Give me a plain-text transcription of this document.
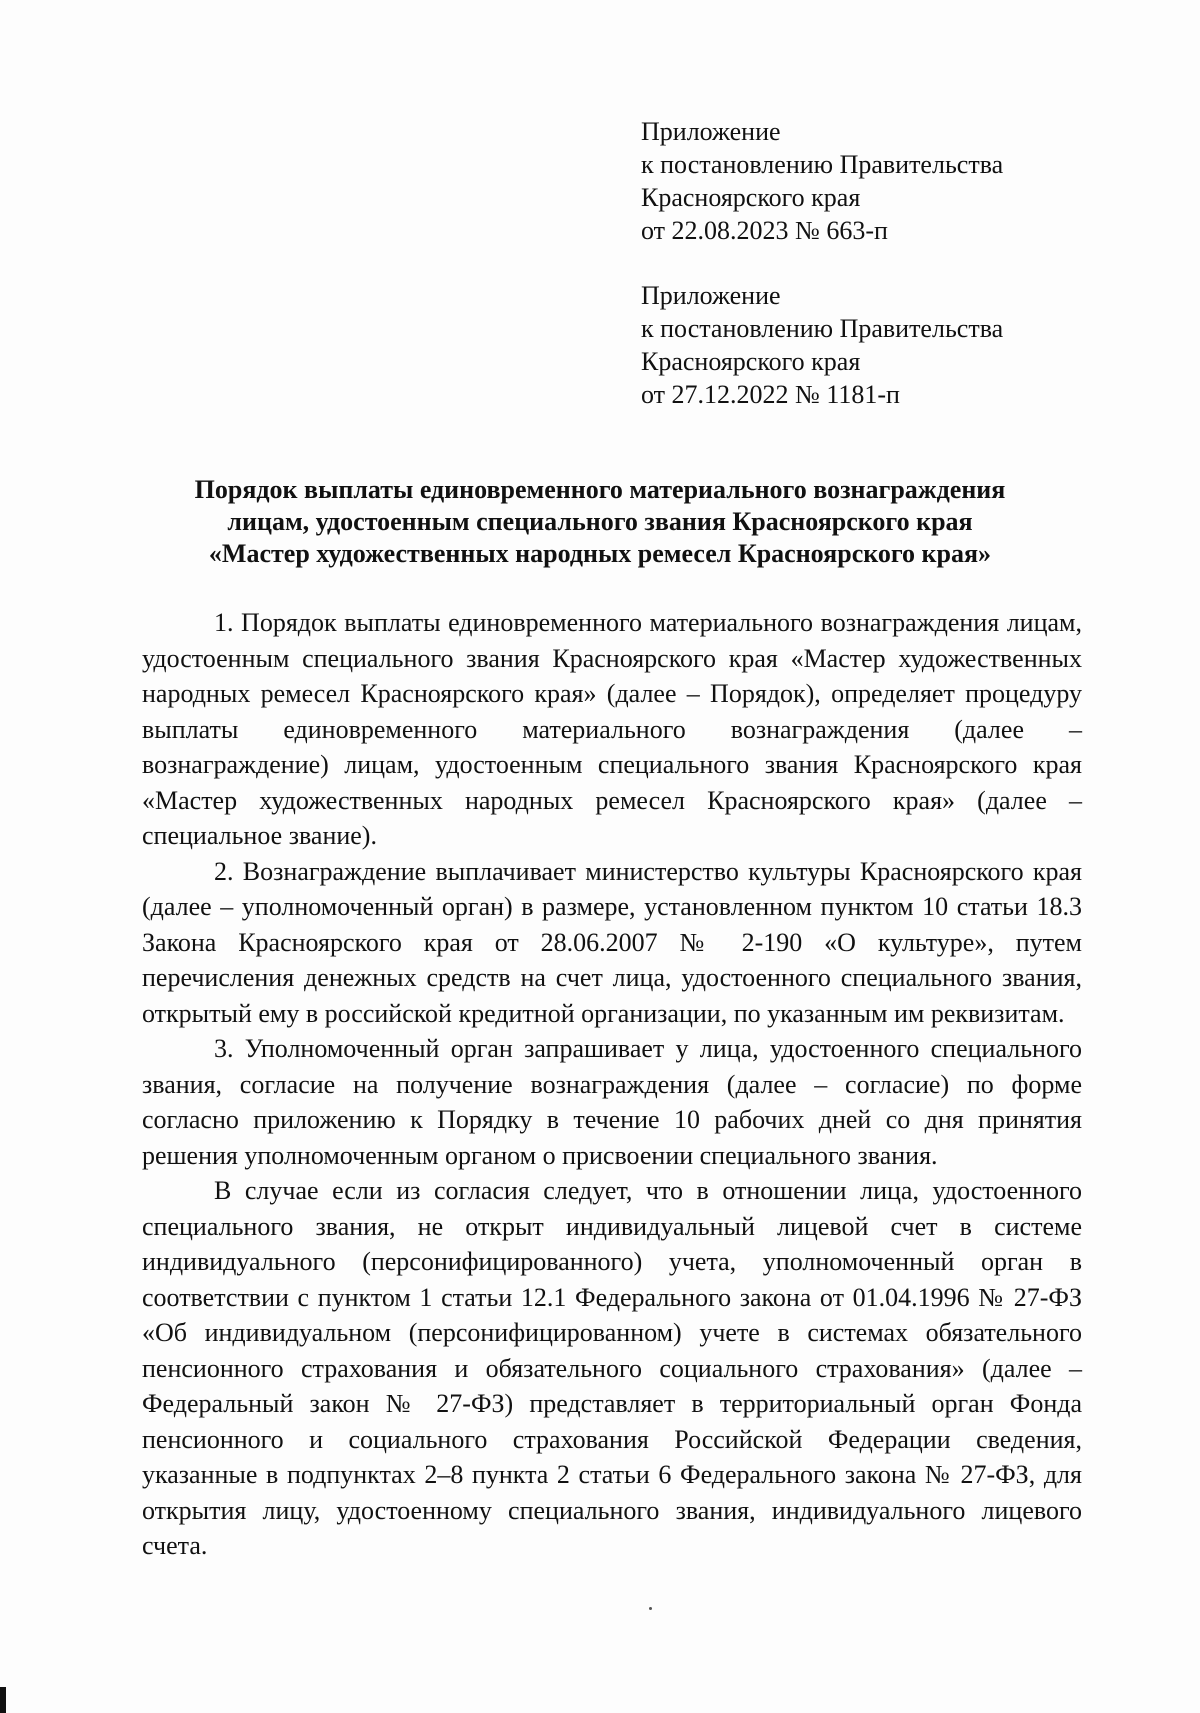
Приложение
к постановлению Правительства
Красноярского края
от 22.08.2023 № 663-п
Приложение
к постановлению Правительства
Красноярского края
от 27.12.2022 № 1181-п
Порядок выплаты единовременного материального вознаграждения
лицам, удостоенным специального звания Красноярского края
«Мастер художественных народных ремесел Красноярского края»

1. Порядок выплаты единовременного материального вознаграждения лицам, удостоенным специального звания Красноярского края «Мастер художественных народных ремесел Красноярского края» (далее – Порядок), определяет процедуру выплаты единовременного материального вознаграждения (далее – вознаграждение) лицам, удостоенным специального звания Красноярского края «Мастер художественных народных ремесел Красноярского края» (далее – специальное звание).

2. Вознаграждение выплачивает министерство культуры Красноярского края (далее – уполномоченный орган) в размере, установленном пунктом 10 статьи 18.3 Закона Красноярского края от 28.06.2007 № 2-190 «О культуре», путем перечисления денежных средств на счет лица, удостоенного специального звания, открытый ему в российской кредитной организации, по указанным им реквизитам.

3. Уполномоченный орган запрашивает у лица, удостоенного специального звания, согласие на получение вознаграждения (далее – согласие) по форме согласно приложению к Порядку в течение 10 рабочих дней со дня принятия решения уполномоченным органом о присвоении специального звания.

В случае если из согласия следует, что в отношении лица, удостоенного специального звания, не открыт индивидуальный лицевой счет в системе индивидуального (персонифицированного) учета, уполномоченный орган в соответствии с пунктом 1 статьи 12.1 Федерального закона от 01.04.1996 № 27-ФЗ «Об индивидуальном (персонифицированном) учете в системах обязательного пенсионного страхования и обязательного социального страхования» (далее – Федеральный закон № 27-ФЗ) представляет в территориальный орган Фонда пенсионного и социального страхования Российской Федерации сведения, указанные в подпунктах 2–8 пункта 2 статьи 6 Федерального закона № 27-ФЗ, для открытия лицу, удостоенному специального звания, индивидуального лицевого счета.
